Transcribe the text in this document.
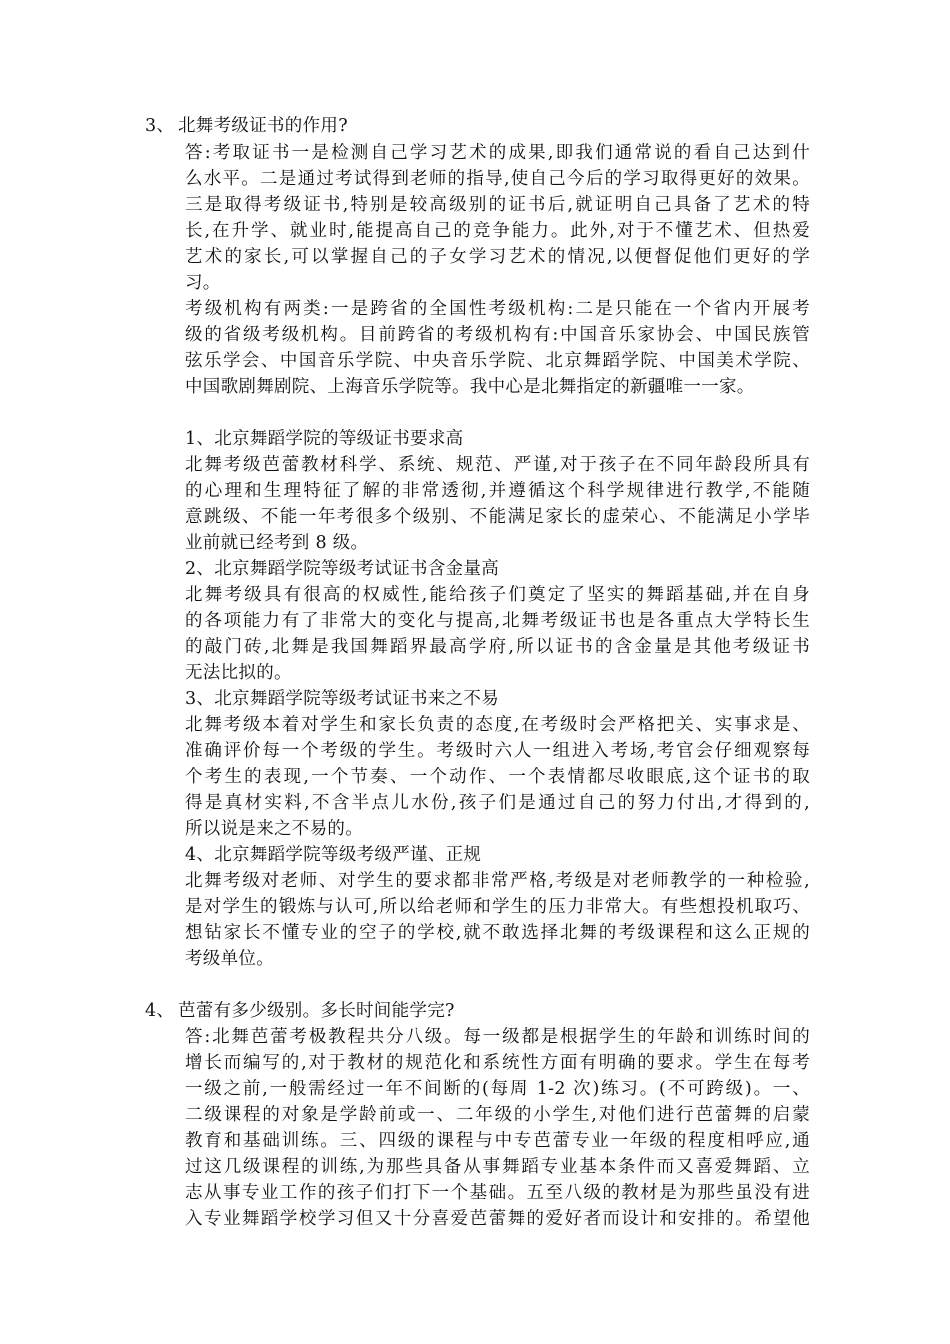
3、 北舞考级证书的作用?
答:考取证书一是检测自己学习艺术的成果,即我们通常说的看自己达到什
么水平。二是通过考试得到老师的指导,使自己今后的学习取得更好的效果。
三是取得考级证书,特别是较高级别的证书后,就证明自己具备了艺术的特
长,在升学、就业时,能提高自己的竞争能力。此外,对于不懂艺术、但热爱
艺术的家长,可以掌握自己的子女学习艺术的情况,以便督促他们更好的学
习。
考级机构有两类:一是跨省的全国性考级机构:二是只能在一个省内开展考
级的省级考级机构。目前跨省的考级机构有:中国音乐家协会、中国民族管
弦乐学会、中国音乐学院、中央音乐学院、北京舞蹈学院、中国美术学院、
中国歌剧舞剧院、上海音乐学院等。我中心是北舞指定的新疆唯一一家。
1、北京舞蹈学院的等级证书要求高
北舞考级芭蕾教材科学、系统、规范、严谨,对于孩子在不同年龄段所具有
的心理和生理特征了解的非常透彻,并遵循这个科学规律进行教学,不能随
意跳级、不能一年考很多个级别、不能满足家长的虚荣心、不能满足小学毕
业前就已经考到 8 级。
2、北京舞蹈学院等级考试证书含金量高
北舞考级具有很高的权威性,能给孩子们奠定了坚实的舞蹈基础,并在自身
的各项能力有了非常大的变化与提高,北舞考级证书也是各重点大学特长生
的敲门砖,北舞是我国舞蹈界最高学府,所以证书的含金量是其他考级证书
无法比拟的。
3、北京舞蹈学院等级考试证书来之不易
北舞考级本着对学生和家长负责的态度,在考级时会严格把关、实事求是、
准确评价每一个考级的学生。考级时六人一组进入考场,考官会仔细观察每
个考生的表现,一个节奏、一个动作、一个表情都尽收眼底,这个证书的取
得是真材实料,不含半点儿水份,孩子们是通过自己的努力付出,才得到的,
所以说是来之不易的。
4、北京舞蹈学院等级考级严谨、正规
北舞考级对老师、对学生的要求都非常严格,考级是对老师教学的一种检验,
是对学生的锻炼与认可,所以给老师和学生的压力非常大。有些想投机取巧、
想钻家长不懂专业的空子的学校,就不敢选择北舞的考级课程和这么正规的
考级单位。
4、 芭蕾有多少级别。多长时间能学完?
答:北舞芭蕾考极教程共分八级。每一级都是根据学生的年龄和训练时间的
增长而编写的,对于教材的规范化和系统性方面有明确的要求。学生在每考
一级之前,一般需经过一年不间断的(每周 1-2 次)练习。(不可跨级)。一、
二级课程的对象是学龄前或一、二年级的小学生,对他们进行芭蕾舞的启蒙
教育和基础训练。三、四级的课程与中专芭蕾专业一年级的程度相呼应,通
过这几级课程的训练,为那些具备从事舞蹈专业基本条件而又喜爱舞蹈、立
志从事专业工作的孩子们打下一个基础。五至八级的教材是为那些虽没有进
入专业舞蹈学校学习但又十分喜爱芭蕾舞的爱好者而设计和安排的。希望他
